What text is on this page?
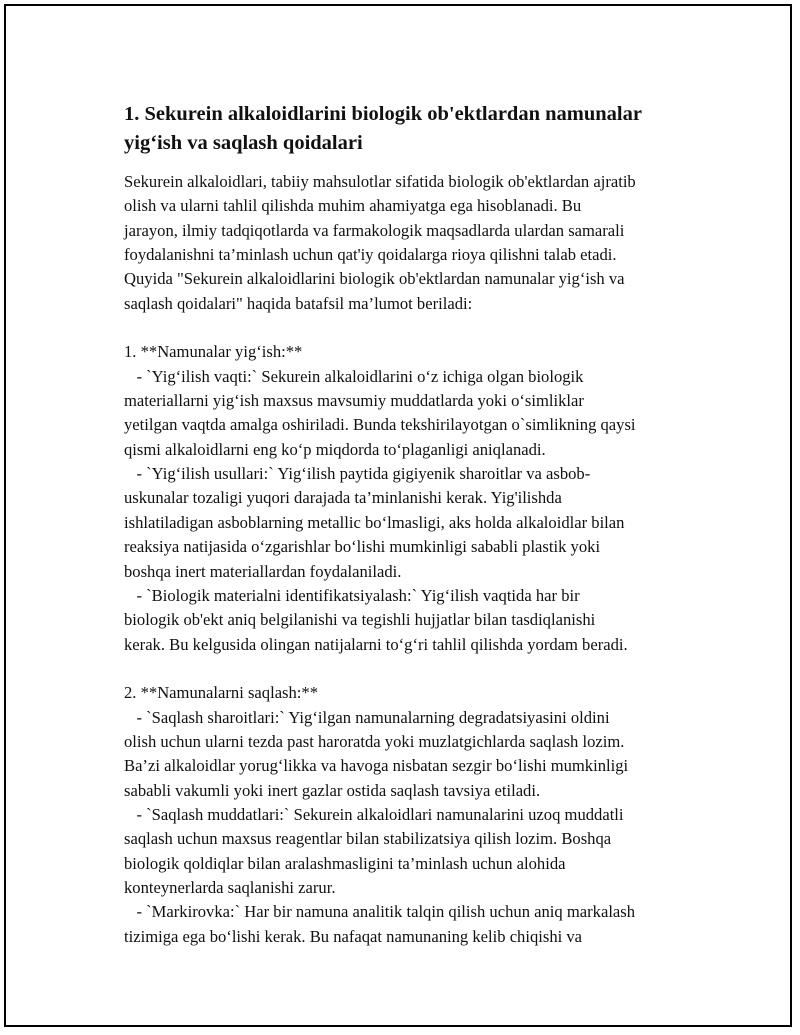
1. Sekurein alkaloidlarini biologik ob'ektlardan namunalar
yig‘ish va saqlash qoidalari

Sekurein alkaloidlari, tabiiy mahsulotlar sifatida biologik ob'ektlardan ajratib
olish va ularni tahlil qilishda muhim ahamiyatga ega hisoblanadi. Bu
jarayon, ilmiy tadqiqotlarda va farmakologik maqsadlarda ulardan samarali
foydalanishni ta’minlash uchun qat'iy qoidalarga rioya qilishni talab etadi.
Quyida "Sekurein alkaloidlarini biologik ob'ektlardan namunalar yig‘ish va
saqlash qoidalari" haqida batafsil ma’lumot beriladi:

1. **Namunalar yig‘ish:**
- `Yig‘ilish vaqti:` Sekurein alkaloidlarini o‘z ichiga olgan biologik
materiallarni yig‘ish maxsus mavsumiy muddatlarda yoki o‘simliklar
yetilgan vaqtda amalga oshiriladi. Bunda tekshirilayotgan o`simlikning qaysi
qismi alkaloidlarni eng ko‘p miqdorda to‘plaganligi aniqlanadi.
- `Yig‘ilish usullari:` Yig‘ilish paytida gigiyenik sharoitlar va asbob-
uskunalar tozaligi yuqori darajada ta’minlanishi kerak. Yig'ilishda
ishlatiladigan asboblarning metallic bo‘lmasligi, aks holda alkaloidlar bilan
reaksiya natijasida o‘zgarishlar bo‘lishi mumkinligi sababli plastik yoki
boshqa inert materiallardan foydalaniladi.
- `Biologik materialni identifikatsiyalash:` Yig‘ilish vaqtida har bir
biologik ob'ekt aniq belgilanishi va tegishli hujjatlar bilan tasdiqlanishi
kerak. Bu kelgusida olingan natijalarni to‘g‘ri tahlil qilishda yordam beradi.

2. **Namunalarni saqlash:**
- `Saqlash sharoitlari:` Yig‘ilgan namunalarning degradatsiyasini oldini
olish uchun ularni tezda past haroratda yoki muzlatgichlarda saqlash lozim.
Ba’zi alkaloidlar yorug‘likka va havoga nisbatan sezgir bo‘lishi mumkinligi
sababli vakumli yoki inert gazlar ostida saqlash tavsiya etiladi.
- `Saqlash muddatlari:` Sekurein alkaloidlari namunalarini uzoq muddatli
saqlash uchun maxsus reagentlar bilan stabilizatsiya qilish lozim. Boshqa
biologik qoldiqlar bilan aralashmasligini ta’minlash uchun alohida
konteynerlarda saqlanishi zarur.
- `Markirovka:` Har bir namuna analitik talqin qilish uchun aniq markalash
tizimiga ega bo‘lishi kerak. Bu nafaqat namunaning kelib chiqishi va
